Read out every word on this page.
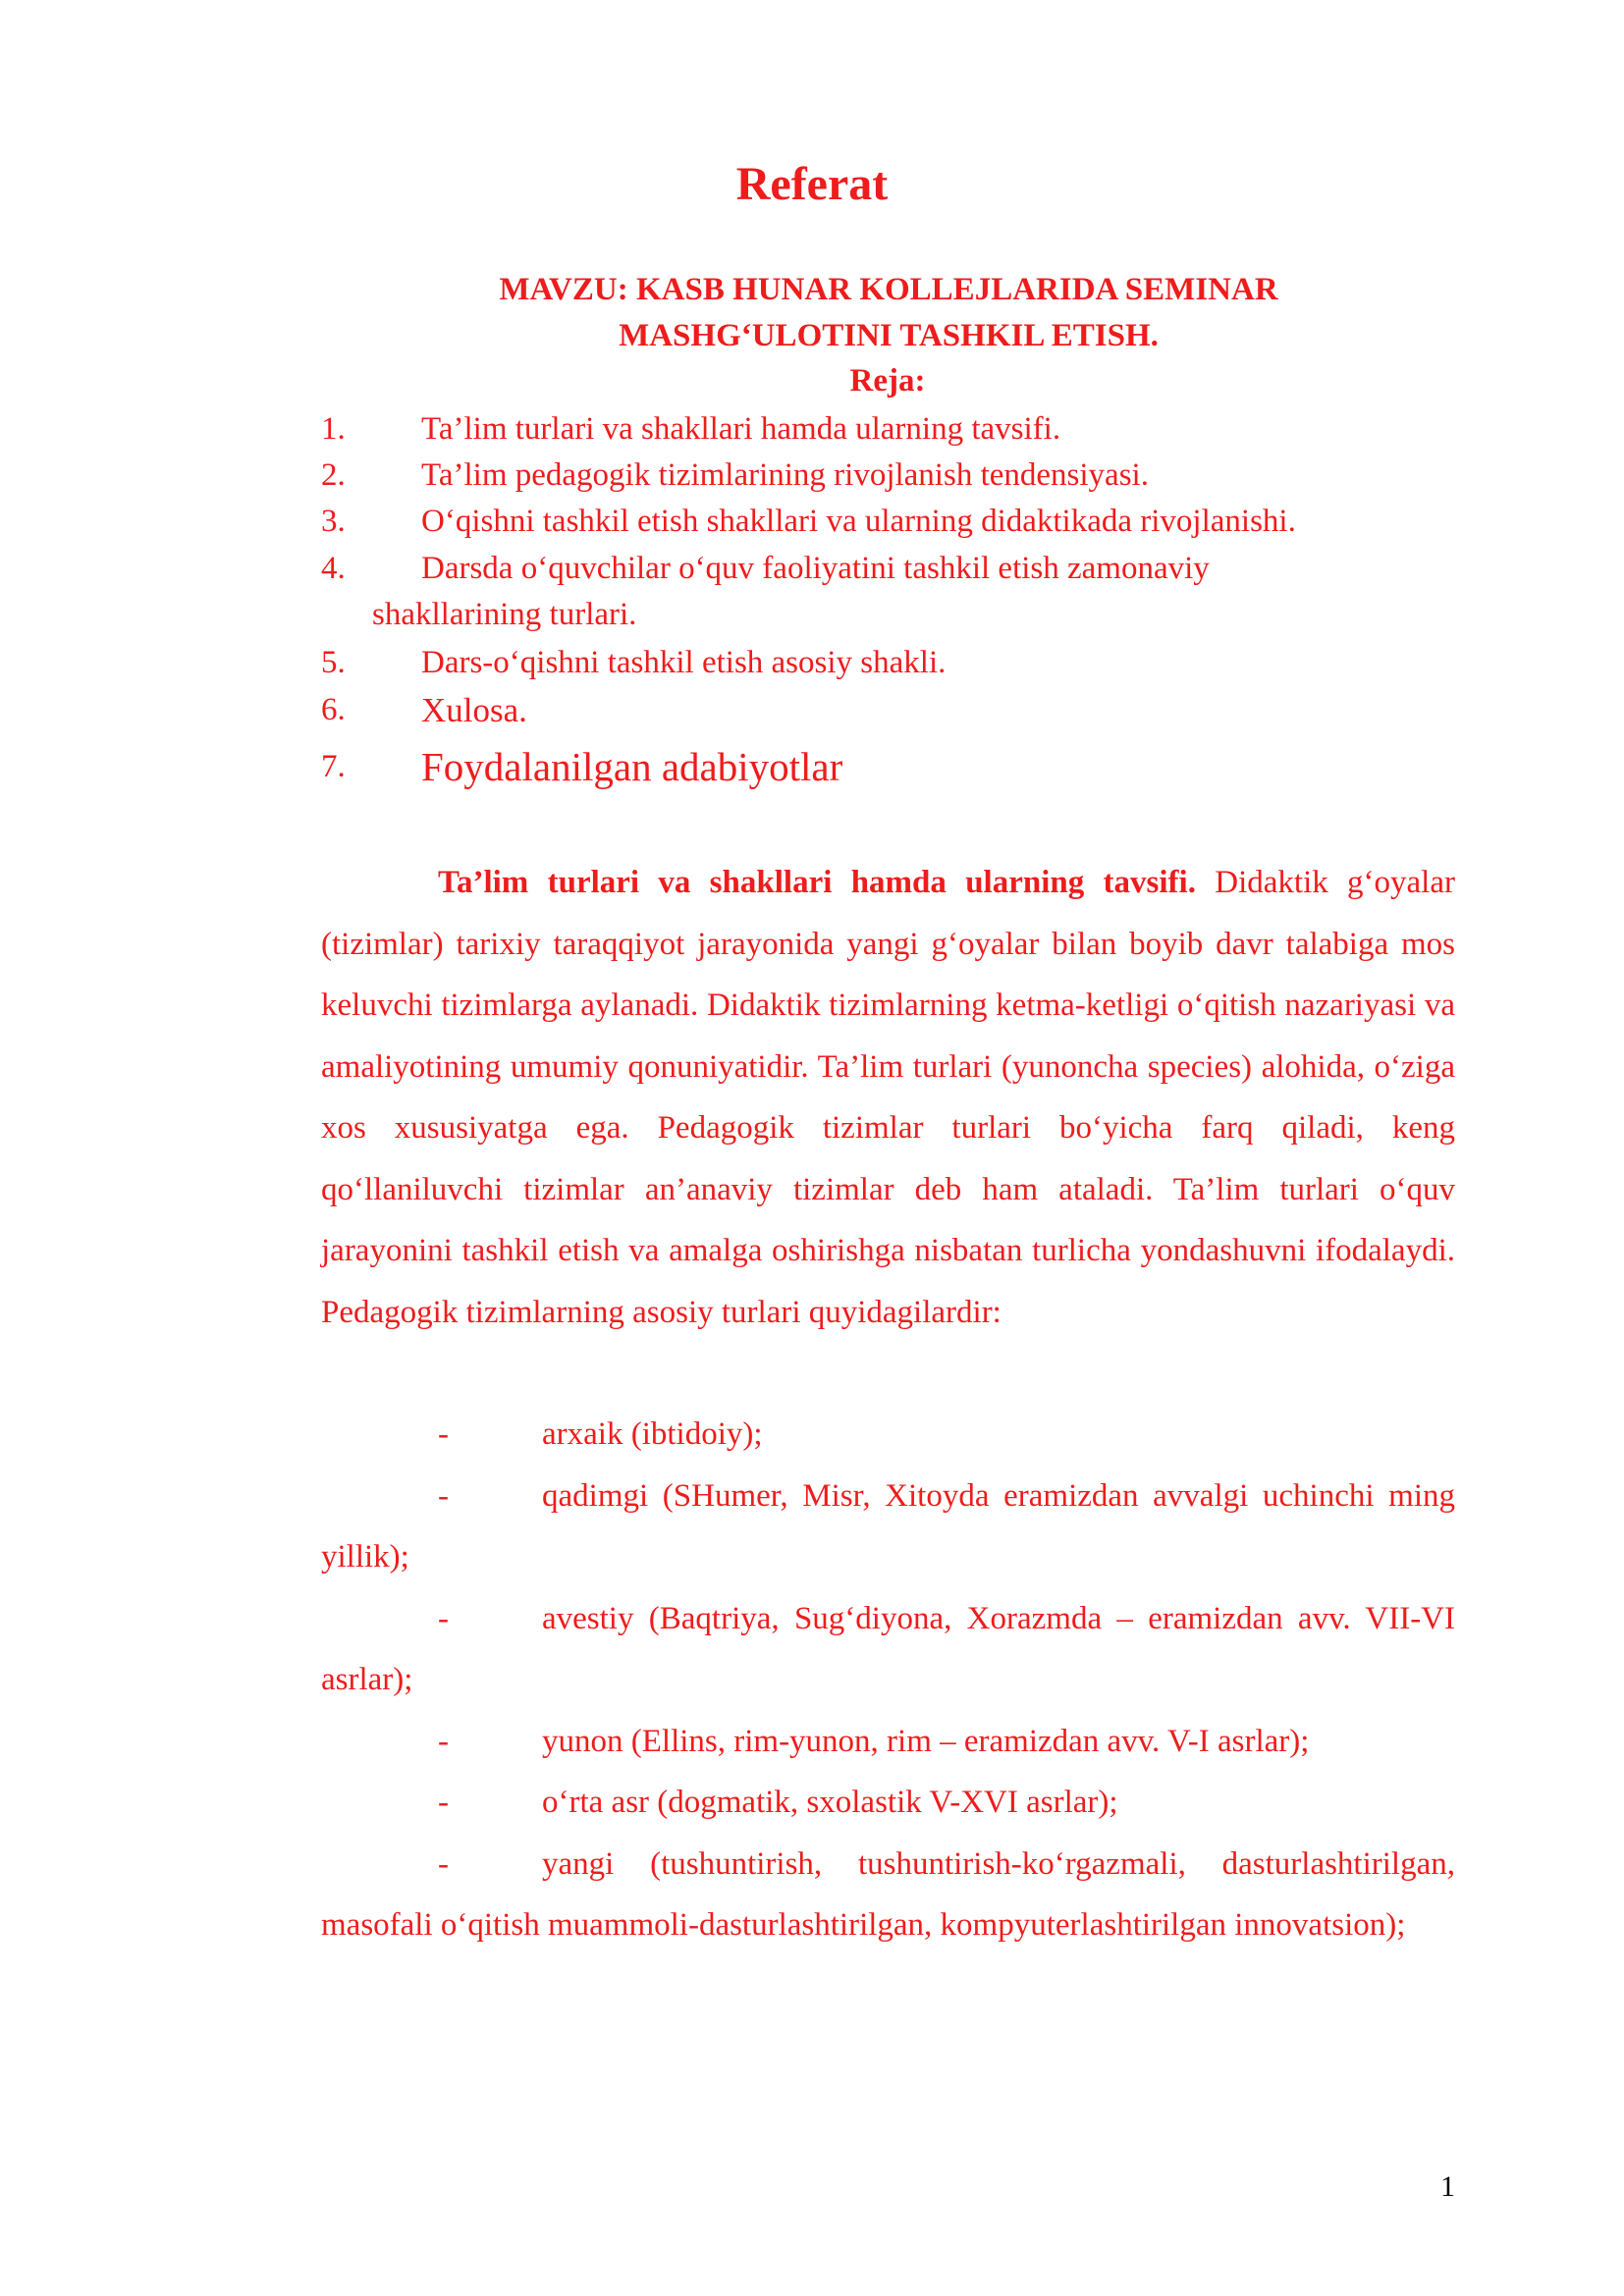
Referat
MAVZU: KASB HUNAR KOLLEJLARIDA SEMINAR
MASHG‘ULOTINI TASHKIL ETISH.
Reja:
1.	Ta’lim turlari va shakllari hamda ularning tavsifi.
2.	Ta’lim pedagogik tizimlarining rivojlanish tendensiyasi.
3.	O‘qishni tashkil etish shakllari va ularning didaktikada rivojlanishi.
4.	Darsda o‘quvchilar o‘quv faoliyatini tashkil etish zamonaviy
shakllarining turlari.
5.	Dars-o‘qishni tashkil etish asosiy shakli.
6.	Xulosa.
7.	Foydalanilgan adabiyotlar

Ta’lim turlari va shakllari hamda ularning tavsifi. Didaktik g‘oyalar (tizimlar) tarixiy taraqqiyot jarayonida yangi g‘oyalar bilan boyib davr talabiga mos keluvchi tizimlarga aylanadi. Didaktik tizimlarning ketma-ketligi o‘qitish nazariyasi va amaliyotining umumiy qonuniyatidir. Ta’lim turlari (yunoncha species) alohida, o‘ziga xos xususiyatga ega. Pedagogik tizimlar turlari bo‘yicha farq qiladi, keng qo‘llaniluvchi tizimlar an’anaviy tizimlar deb ham ataladi. Ta’lim turlari o‘quv jarayonini tashkil etish va amalga oshirishga nisbatan turlicha yondashuvni ifodalaydi. Pedagogik tizimlarning asosiy turlari quyidagilardir:

-	arxaik (ibtidoiy);
-	qadimgi (SHumer, Misr, Xitoyda eramizdan avvalgi uchinchi ming yillik);
-	avestiy (Baqtriya, Sug‘diyona, Xorazmda – eramizdan avv. VII-VI asrlar);
-	yunon (Ellins, rim-yunon, rim – eramizdan avv. V-I asrlar);
-	o‘rta asr (dogmatik, sxolastik V-XVI asrlar);
-	yangi (tushuntirish, tushuntirish-ko‘rgazmali, dasturlashtirilgan, masofali o‘qitish muammoli-dasturlashtirilgan, kompyuterlashtirilgan innovatsion);
1
